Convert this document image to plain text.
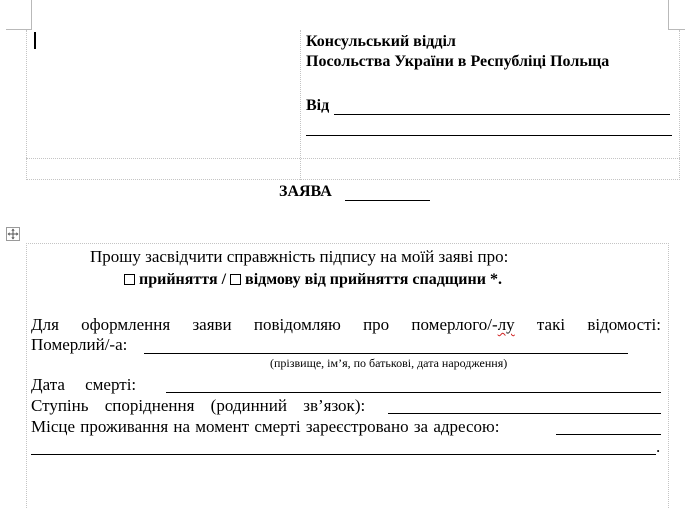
Консульський відділ
Посольства України в Республіці Польща
Від
ЗАЯВА
Прошу засвідчити справжність підпису на моїй заяві про:
прийняття / відмову від прийняття спадщини *.
Для оформлення заяви повідомляю про померлого/-лу такі відомості:
Померлий/-а:
(прізвище, ім’я, по батькові, дата народження)
Дата смерті:
Ступінь споріднення (родинний зв’язок):
Місце проживання на момент смерті зареєстровано за адресою:
.
